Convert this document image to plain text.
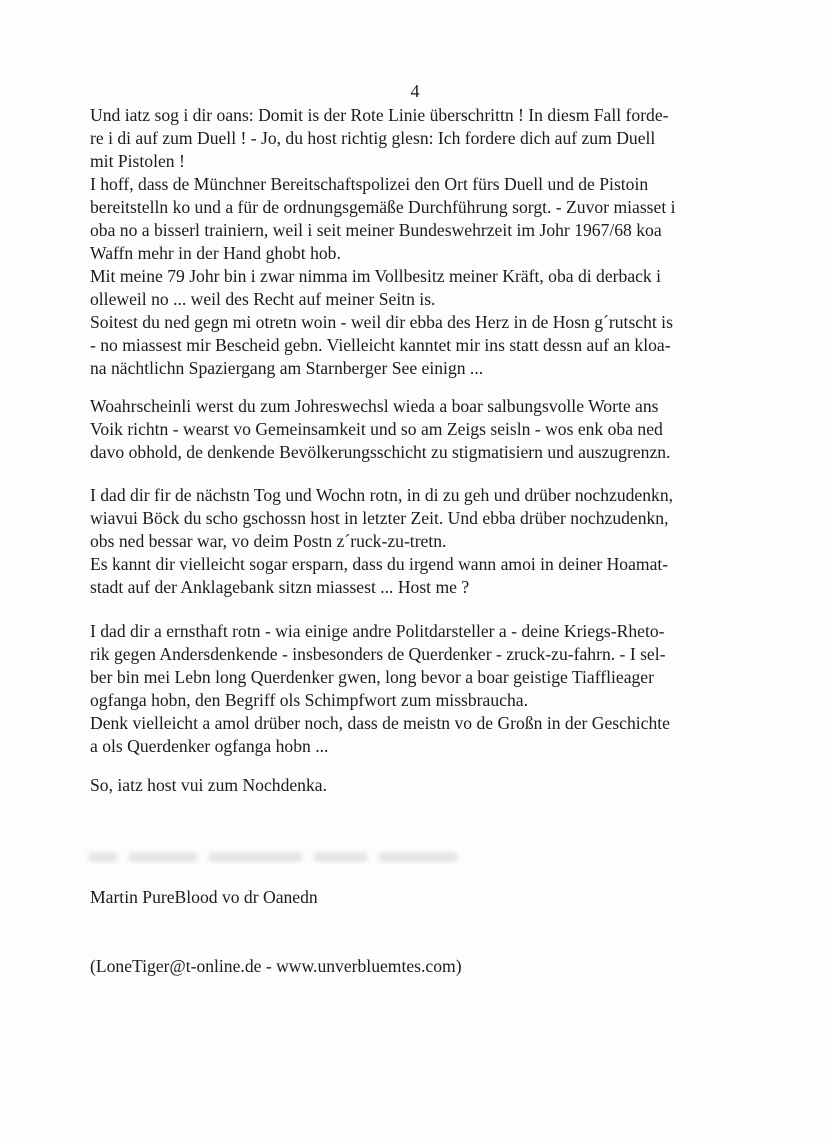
4
Und iatz sog i dir oans: Domit is der Rote Linie überschrittn ! In diesm Fall forde-
re i di auf zum Duell ! - Jo, du host richtig glesn: Ich fordere dich auf zum Duell
mit Pistolen !
I hoff, dass de Münchner Bereitschaftspolizei den Ort fürs Duell und de Pistoin
bereitstelln ko und a für de ordnungsgemäße Durchführung sorgt. - Zuvor miasset i
oba no a bisserl trainiern, weil i seit meiner Bundeswehrzeit im Johr 1967/68 koa
Waffn mehr in der Hand ghobt hob.
Mit meine 79 Johr bin i zwar nimma im Vollbesitz meiner Kräft, oba di derback i
olleweil no ... weil des Recht auf meiner Seitn is.
Soitest du ned gegn mi otretn woin - weil dir ebba des Herz in de Hosn g´rutscht is
- no miassest mir Bescheid gebn. Vielleicht kanntet mir ins statt dessn auf an kloa-
na nächtlichn Spaziergang am Starnberger See einign ...
Woahrscheinli werst du zum Johreswechsl wieda a boar salbungsvolle Worte ans
Voik richtn - wearst vo Gemeinsamkeit und so am Zeigs seisln - wos enk oba ned
davo obhold, de denkende Bevölkerungsschicht zu stigmatisiern und auszugrenzn.
I dad dir fir de nächstn Tog und Wochn rotn, in di zu geh und drüber nochzudenkn,
wiavui Böck du scho gschossn host in letzter Zeit. Und ebba drüber nochzudenkn,
obs ned bessar war, vo deim Postn z´ruck-zu-tretn.
Es kannt dir vielleicht sogar ersparn, dass du irgend wann amoi in deiner Hoamat-
stadt auf der Anklagebank sitzn miassest ... Host me ?
I dad dir a ernsthaft rotn - wia einige andre Politdarsteller a - deine Kriegs-Rheto-
rik gegen Andersdenkende - insbesonders de Querdenker - zruck-zu-fahrn. - I sel-
ber bin mei Lebn long Querdenker gwen, long bevor a boar geistige Tiafflieager
ogfanga hobn, den Begriff ols Schimpfwort zum missbraucha.
Denk vielleicht a amol drüber noch, dass de meistn vo de Großn in der Geschichte
a ols Querdenker ogfanga hobn ...
So, iatz host vui zum Nochdenka.
Martin PureBlood vo dr Oanedn
(LoneTiger@t-online.de - www.unverbluemtes.com)
